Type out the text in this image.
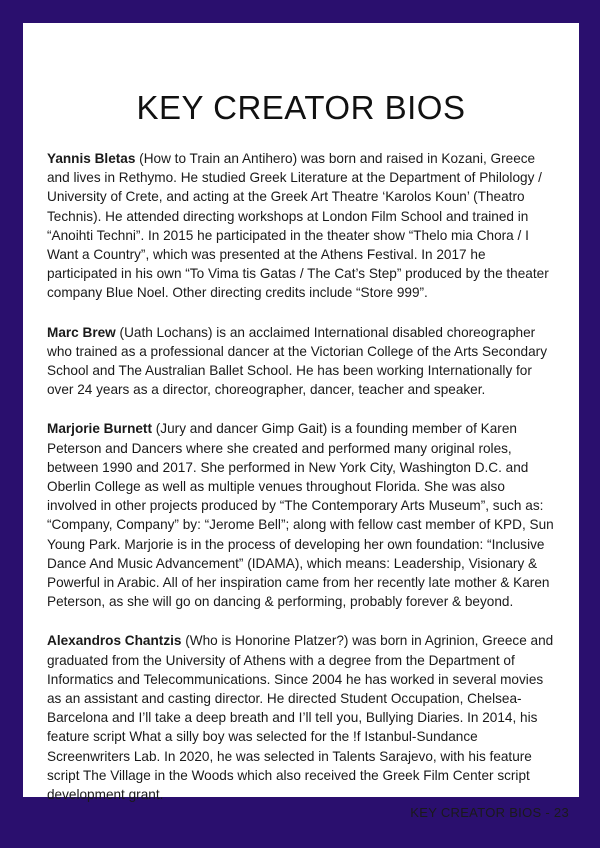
KEY CREATOR BIOS

Yannis Bletas (How to Train an Antihero) was born and raised in Kozani, Greece and lives in Rethymo. He studied Greek Literature at the Department of Philology / University of Crete, and acting at the Greek Art Theatre ‘Karolos Koun’ (Theatro Technis). He attended directing workshops at London Film School and trained in “Anoihti Techni”. In 2015 he participated in the theater show “Thelo mia Chora / I Want a Country”, which was presented at the Athens Festival. In 2017 he participated in his own “To Vima tis Gatas / The Cat’s Step” produced by the theater company Blue Noel. Other directing credits include “Store 999”.

Marc Brew (Uath Lochans) is an acclaimed International disabled choreographer who trained as a professional dancer at the Victorian College of the Arts Secondary School and The Australian Ballet School. He has been working Internationally for over 24 years as a director, choreographer, dancer, teacher and speaker.

Marjorie Burnett (Jury and dancer Gimp Gait) is a founding member of Karen Peterson and Dancers where she created and performed many original roles, between 1990 and 2017. She performed in New York City, Washington D.C. and Oberlin College as well as multiple venues throughout Florida. She was also involved in other projects produced by “The Contemporary Arts Museum”, such as: “Company, Company” by: “Jerome Bell”; along with fellow cast member of KPD, Sun Young Park. Marjorie is in the process of developing her own foundation: “Inclusive Dance And Music Advancement” (IDAMA), which means: Leadership, Visionary & Powerful in Arabic. All of her inspiration came from her recently late mother & Karen Peterson, as she will go on dancing & performing, probably forever & beyond.

Alexandros Chantzis (Who is Honorine Platzer?) was born in Agrinion, Greece and graduated from the University of Athens with a degree from the Department of Informatics and Telecommunications. Since 2004 he has worked in several movies as an assistant and casting director. He directed Student Occupation, Chelsea-Barcelona and I’ll take a deep breath and I’ll tell you, Bullying Diaries. In 2014, his feature script What a silly boy was selected for the !f Istanbul-Sundance Screenwriters Lab. In 2020, he was selected in Talents Sarajevo, with his feature script The Village in the Woods which also received the Greek Film Center script development grant.

KEY CREATOR BIOS - 23
